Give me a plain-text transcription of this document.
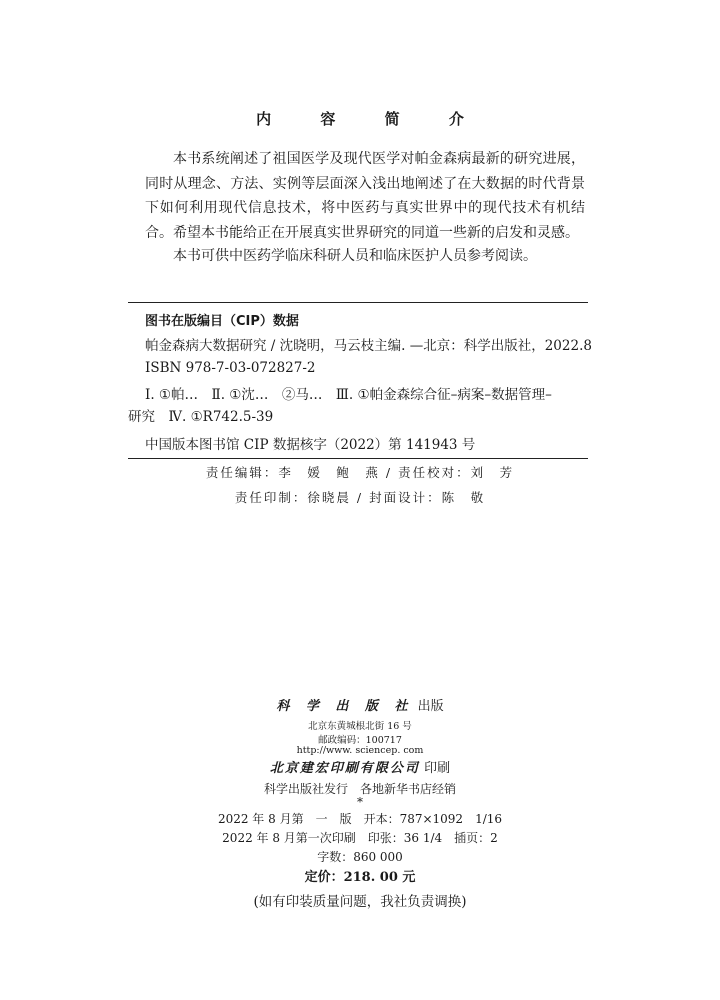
内 容 简 介

本书系统阐述了祖国医学及现代医学对帕金森病最新的研究进展，同时从理念、方法、实例等层面深入浅出地阐述了在大数据的时代背景下如何利用现代信息技术，将中医药与真实世界中的现代技术有机结合。希望本书能给正在开展真实世界研究的同道一些新的启发和灵感。

本书可供中医药学临床科研人员和临床医护人员参考阅读。

图书在版编目（CIP）数据
帕金森病大数据研究 / 沈晓明，马云枝主编. —北京：科学出版社，2022.8
ISBN 978-7-03-072827-2
Ⅰ. ①帕…　Ⅱ. ①沈…　②马…　Ⅲ. ①帕金森综合征–病案–数据管理–
研究　Ⅳ. ①R742.5-39
中国版本图书馆 CIP 数据核字（2022）第 141943 号
责任编辑：李　媛　鲍　燕 / 责任校对：刘　芳
责任印制：徐晓晨 / 封面设计：陈　敬
科 学 出 版 社 出版
北京东黄城根北街 16 号
邮政编码：100717
http://www. sciencep. com
北京建宏印刷有限公司 印刷
科学出版社发行　各地新华书店经销
*
2022 年 8 月第　一　版　开本：787×1092　1/16
2022 年 8 月第一次印刷　印张：36 1/4　插页：2
字数：860 000
定价：218. 00 元
(如有印装质量问题，我社负责调换)
